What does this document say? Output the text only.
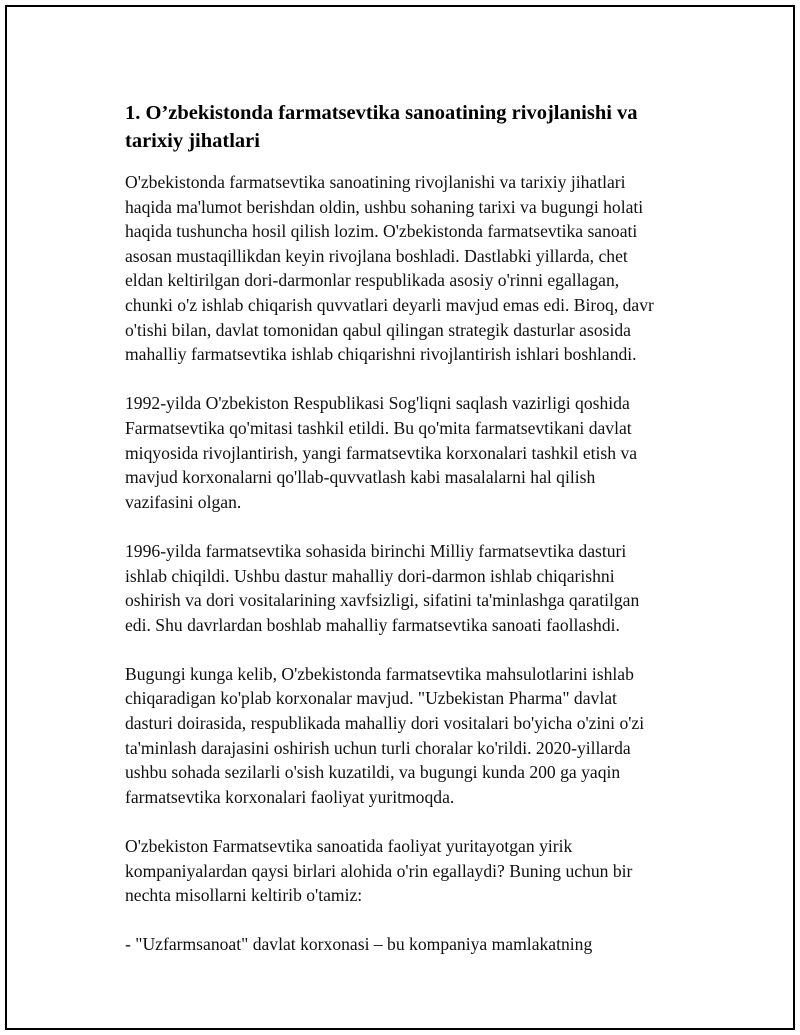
1. O’zbekistonda farmatsevtika sanoatining rivojlanishi va tarixiy jihatlari

O'zbekistonda farmatsevtika sanoatining rivojlanishi va tarixiy jihatlari haqida ma'lumot berishdan oldin, ushbu sohaning tarixi va bugungi holati haqida tushuncha hosil qilish lozim. O'zbekistonda farmatsevtika sanoati asosan mustaqillikdan keyin rivojlana boshladi. Dastlabki yillarda, chet eldan keltirilgan dori-darmonlar respublikada asosiy o'rinni egallagan, chunki o'z ishlab chiqarish quvvatlari deyarli mavjud emas edi. Biroq, davr o'tishi bilan, davlat tomonidan qabul qilingan strategik dasturlar asosida mahalliy farmatsevtika ishlab chiqarishni rivojlantirish ishlari boshlandi.

1992-yilda O'zbekiston Respublikasi Sog'liqni saqlash vazirligi qoshida Farmatsevtika qo'mitasi tashkil etildi. Bu qo'mita farmatsevtikani davlat miqyosida rivojlantirish, yangi farmatsevtika korxonalari tashkil etish va mavjud korxonalarni qo'llab-quvvatlash kabi masalalarni hal qilish vazifasini olgan.

1996-yilda farmatsevtika sohasida birinchi Milliy farmatsevtika dasturi ishlab chiqildi. Ushbu dastur mahalliy dori-darmon ishlab chiqarishni oshirish va dori vositalarining xavfsizligi, sifatini ta'minlashga qaratilgan edi. Shu davrlardan boshlab mahalliy farmatsevtika sanoati faollashdi.

Bugungi kunga kelib, O'zbekistonda farmatsevtika mahsulotlarini ishlab chiqaradigan ko'plab korxonalar mavjud. "Uzbekistan Pharma" davlat dasturi doirasida, respublikada mahalliy dori vositalari bo'yicha o'zini o'zi ta'minlash darajasini oshirish uchun turli choralar ko'rildi. 2020-yillarda ushbu sohada sezilarli o'sish kuzatildi, va bugungi kunda 200 ga yaqin farmatsevtika korxonalari faoliyat yuritmoqda.

O'zbekiston Farmatsevtika sanoatida faoliyat yuritayotgan yirik kompaniyalardan qaysi birlari alohida o'rin egallaydi? Buning uchun bir nechta misollarni keltirib o'tamiz:

- "Uzfarmsanoat" davlat korxonasi – bu kompaniya mamlakatning
